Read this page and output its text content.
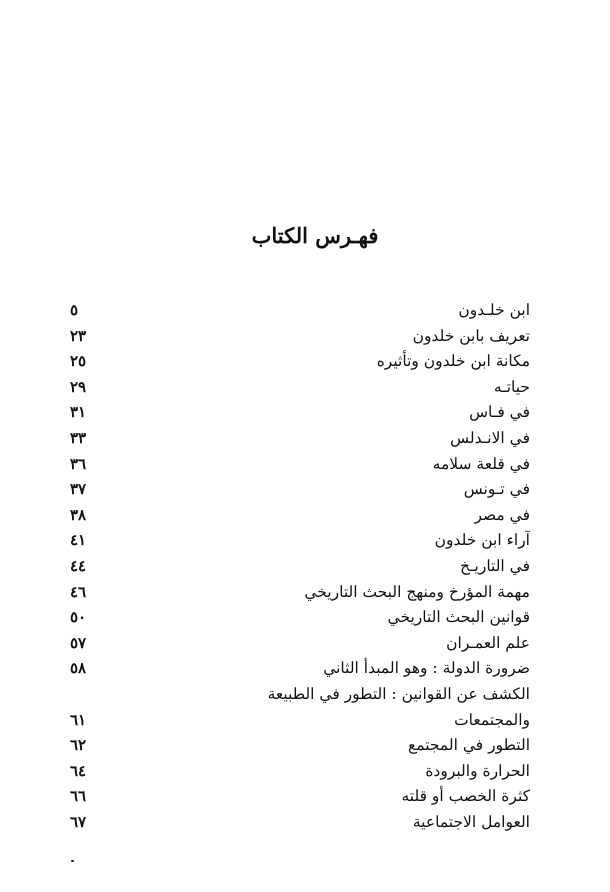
فهـرس الكتاب
ابن خلـدون
٥
تعريف بابن خلدون
٢٣
مكانة ابن خلدون وتأثيره
٢٥
حياتـه
٢٩
في فـاس
٣١
في الانـدلس
٣٣
في قلعة سلامه
٣٦
في تـونس
٣٧
في مصر
٣٨
آراء ابن خلدون
٤١
في التاريـخ
٤٤
مهمة المؤرخ ومنهج البحث التاريخي
٤٦
قوانين البحث التاريخي
٥٠
علم العمـران
٥٧
ضرورة الدولة : وهو المبدأ الثاني
٥٨
الكشف عن القوانين : التطور في الطبيعة
والمجتمعات
٦١
التطور في المجتمع
٦٢
الحرارة والبرودة
٦٤
كثرة الخصب أو قلته
٦٦
العوامل الاجتماعية
٦٧
